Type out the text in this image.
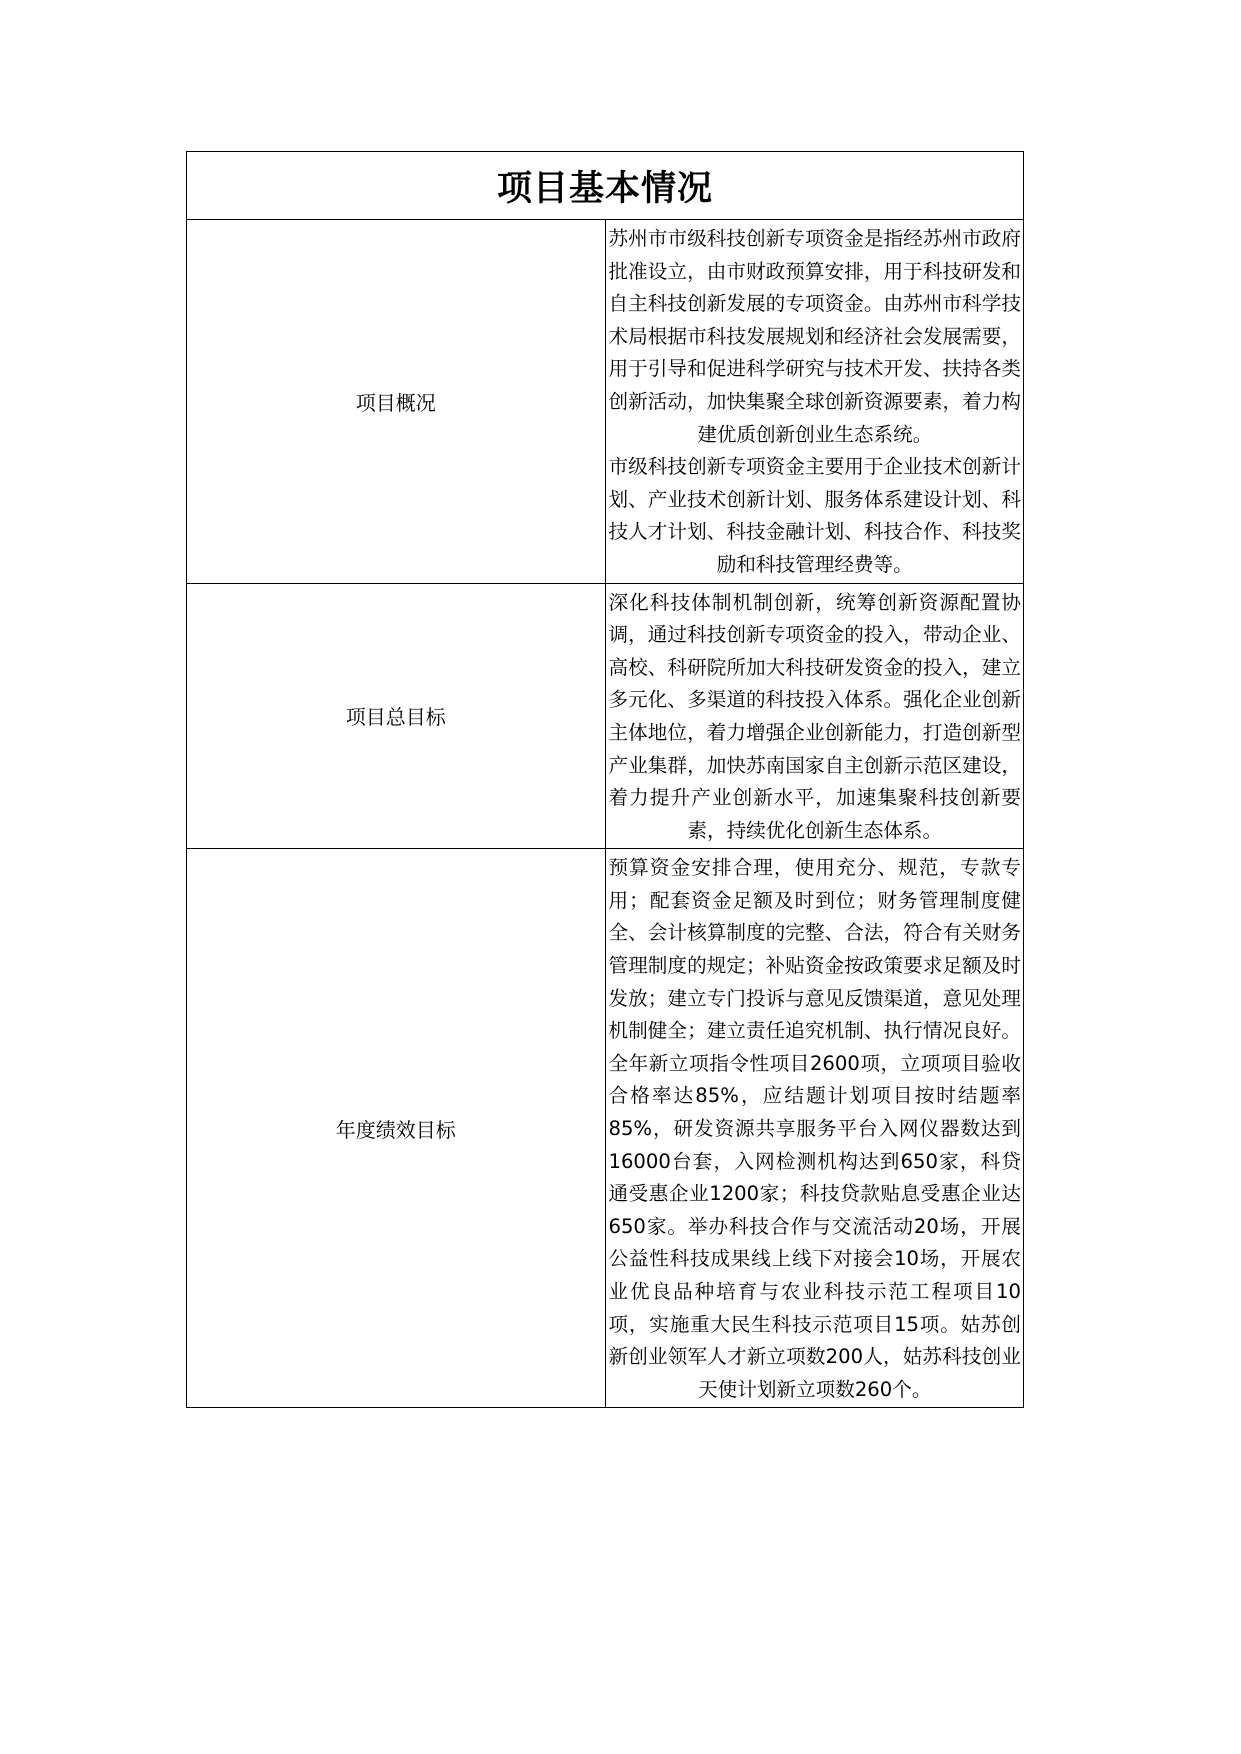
项目基本情况	
项目概况	苏州市市级科技创新专项资金是指经苏州市政府批准设立，由市财政预算安排，用于科技研发和自主科技创新发展的专项资金。由苏州市科学技术局根据市科技发展规划和经济社会发展需要，用于引导和促进科学研究与技术开发、扶持各类创新活动，加快集聚全球创新资源要素，着力构建优质创新创业生态系统。

市级科技创新专项资金主要用于企业技术创新计划、产业技术创新计划、服务体系建设计划、科技人才计划、科技金融计划、科技合作、科技奖励和科技管理经费等。

项目总目标	深化科技体制机制创新，统筹创新资源配置协调，通过科技创新专项资金的投入，带动企业、高校、科研院所加大科技研发资金的投入，建立多元化、多渠道的科技投入体系。强化企业创新主体地位，着力增强企业创新能力，打造创新型产业集群，加快苏南国家自主创新示范区建设，着力提升产业创新水平，加速集聚科技创新要素，持续优化创新生态体系。

年度绩效目标	预算资金安排合理，使用充分、规范，专款专用；配套资金足额及时到位；财务管理制度健全、会计核算制度的完整、合法，符合有关财务管理制度的规定；补贴资金按政策要求足额及时发放；建立专门投诉与意见反馈渠道，意见处理机制健全；建立责任追究机制、执行情况良好。全年新立项指令性项目2600项，立项项目验收合格率达85%，应结题计划项目按时结题率85%，研发资源共享服务平台入网仪器数达到16000台套，入网检测机构达到650家，科贷通受惠企业1200家；科技贷款贴息受惠企业达650家。举办科技合作与交流活动20场，开展公益性科技成果线上线下对接会10场，开展农业优良品种培育与农业科技示范工程项目10项，实施重大民生科技示范项目15项。姑苏创新创业领军人才新立项数200人，姑苏科技创业天使计划新立项数260个。
